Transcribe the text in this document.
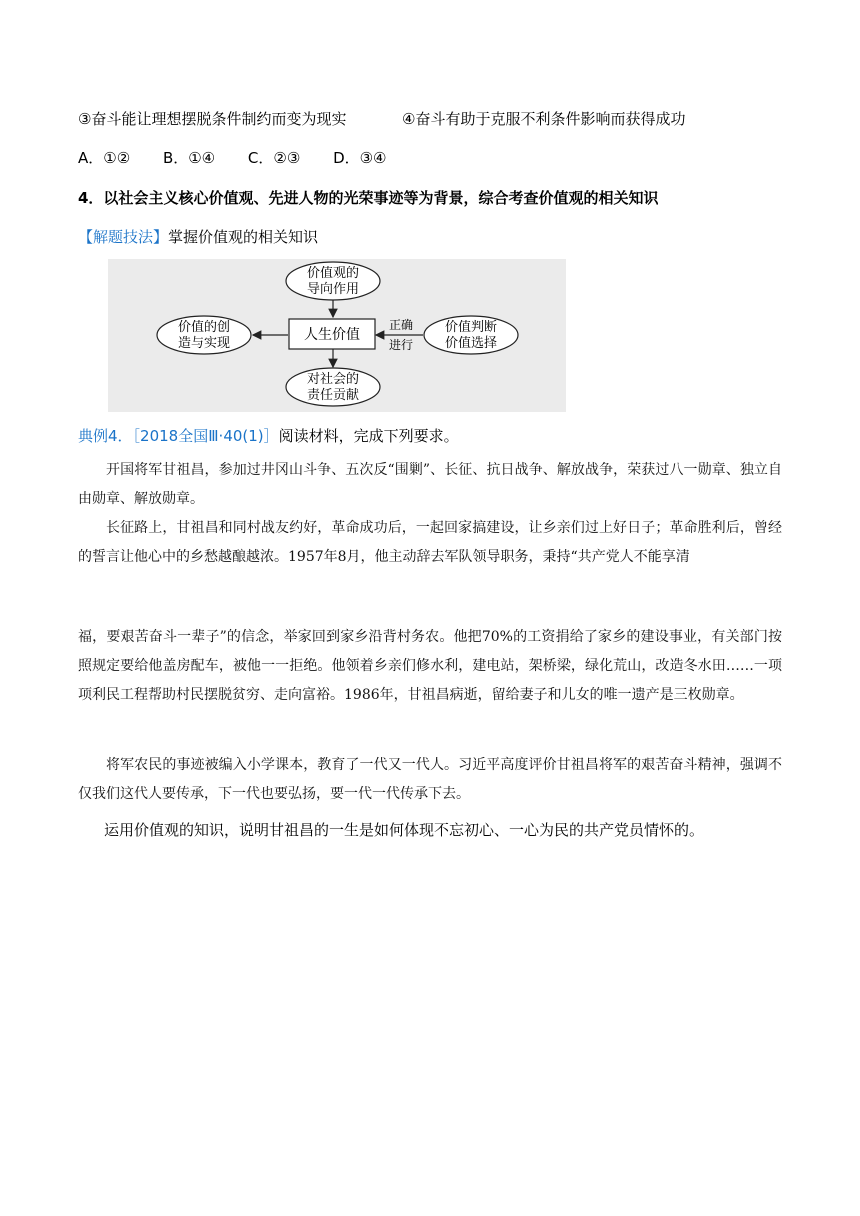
③奋斗能让理想摆脱条件制约而变为现实	④奋斗有助于克服不利条件影响而获得成功
A．①② B．①④ C．②③ D．③④
4．以社会主义核心价值观、先进人物的光荣事迹等为背景，综合考查价值观的相关知识
【解题技法】掌握价值观的相关知识
价值观的
导向作用
人生价值
价值的创
造与实现
价值判断
价值选择
正确
进行
对社会的
责任贡献
典例4．［2018全国Ⅲ·40(1)］阅读材料，完成下列要求。
开国将军甘祖昌，参加过井冈山斗争、五次反“围剿”、长征、抗日战争、解放战争，荣获过八一勋章、独立自由勋章、解放勋章。
长征路上，甘祖昌和同村战友约好，革命成功后，一起回家搞建设，让乡亲们过上好日子；革命胜利后，曾经的誓言让他心中的乡愁越酿越浓。1957年8月，他主动辞去军队领导职务，秉持“共产党人不能享清
福，要艰苦奋斗一辈子”的信念，举家回到家乡沿背村务农。他把70%的工资捐给了家乡的建设事业，有关部门按照规定要给他盖房配车，被他一一拒绝。他领着乡亲们修水利，建电站，架桥梁，绿化荒山，改造冬水田……一项项利民工程帮助村民摆脱贫穷、走向富裕。1986年，甘祖昌病逝，留给妻子和儿女的唯一遗产是三枚勋章。
将军农民的事迹被编入小学课本，教育了一代又一代人。习近平高度评价甘祖昌将军的艰苦奋斗精神，强调不仅我们这代人要传承，下一代也要弘扬，要一代一代传承下去。
运用价值观的知识，说明甘祖昌的一生是如何体现不忘初心、一心为民的共产党员情怀的。
